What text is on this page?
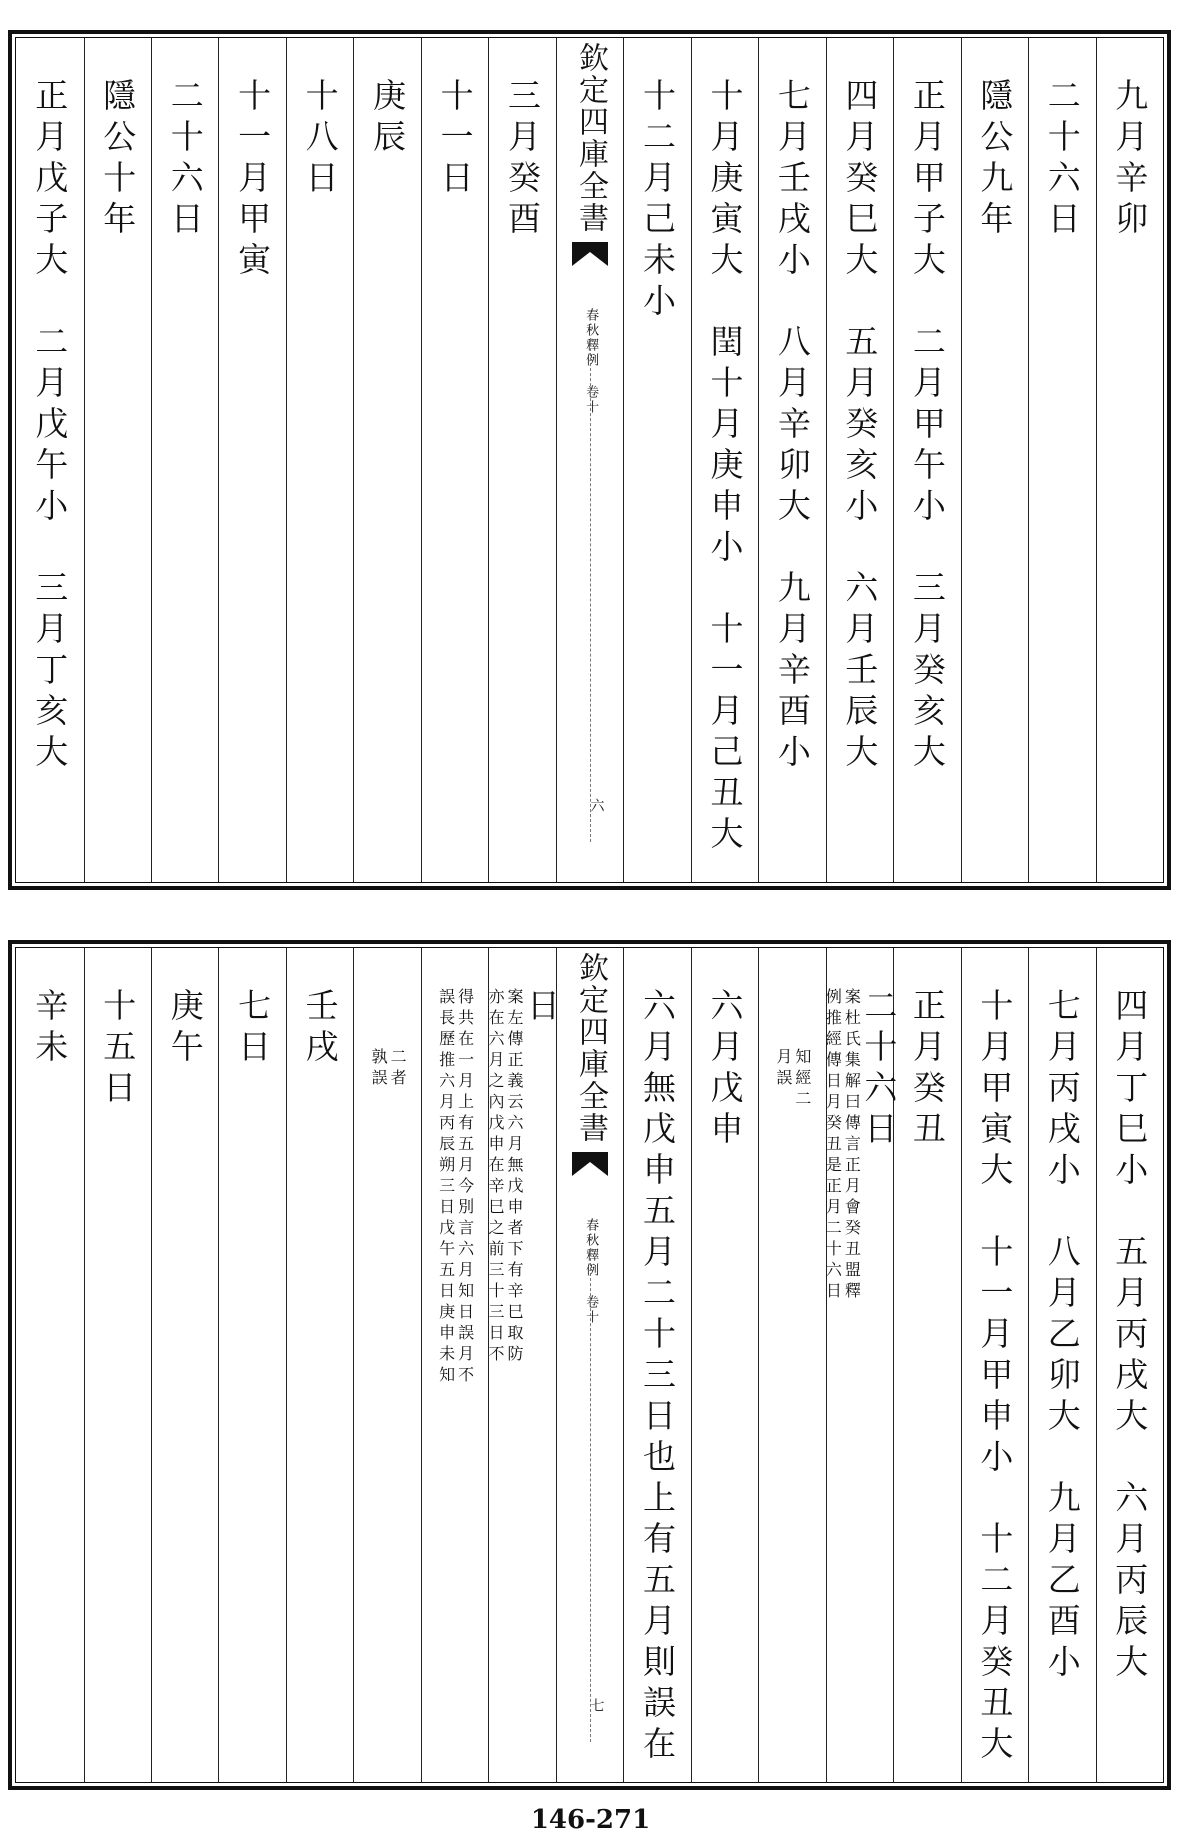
九月辛卯
二十六日
隱公九年
正月甲子大　二月甲午小　三月癸亥大
四月癸巳大　五月癸亥小　六月壬辰大
七月壬戌小　八月辛卯大　九月辛酉小
十月庚寅大　閏十月庚申小　十一月己丑大
十二月己未小
欽定四庫全書
春秋釋例 卷十
六
三月癸酉
十一日
庚辰
十八日
十一月甲寅
二十六日
隱公十年
正月戊子大　二月戊午小　三月丁亥大
四月丁巳小　五月丙戌大　六月丙辰大
七月丙戌小　八月乙卯大　九月乙酉小
十月甲寅大　十一月甲申小　十二月癸丑大
正月癸丑
二十六日
案杜氏集解曰傳言正月會癸丑盟釋
例推經傳日月癸丑是正月二十六日
知經二
月誤
六月戊申
六月無戊申五月二十三日也上有五月則誤在
欽定四庫全書
春秋釋例 卷十
七
日
案左傳正義云六月無戊申者下有辛巳取防
亦在六月之內戊申在辛巳之前三十三日不
得共在一月上有五月今別言六月知日誤月不
誤長歷推六月丙辰朔三日戊午五日庚申未知
二者
孰誤
壬戌
七日
庚午
十五日
辛未
146-271
